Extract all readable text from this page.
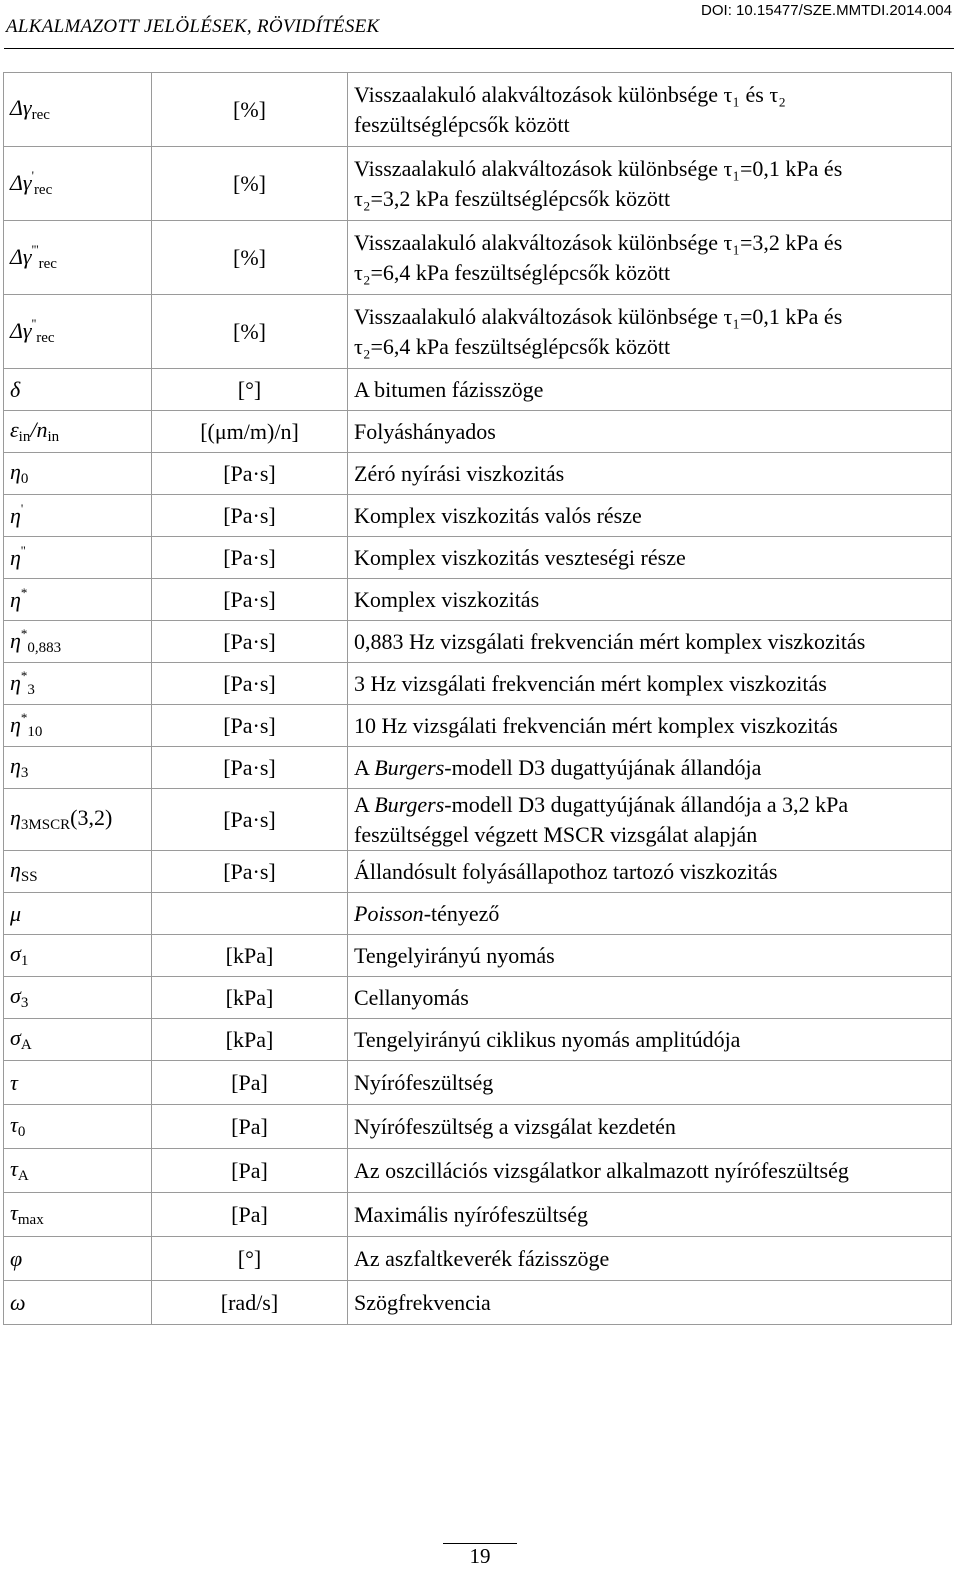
ALKALMAZOTT JELÖLÉSEK, RÖVIDÍTÉSEK
DOI: 10.15477/SZE.MMTDI.2014.004
$\Delta\gamma_{rec}$	[%]	Visszaalakuló alakváltozások különbsége τ₁ és τ₂
feszültséglépcsők között

$\Delta\gamma'_{rec}$	[%]	Visszaalakuló alakváltozások különbsége τ₁=0,1 kPa és
τ₂=3,2 kPa feszültséglépcsők között

$\Delta\gamma'''_{rec}$	[%]	Visszaalakuló alakváltozások különbsége τ₁=3,2 kPa és
τ₂=6,4 kPa feszültséglépcsők között

$\Delta\gamma''_{rec}$	[%]	Visszaalakuló alakváltozások különbsége τ₁=0,1 kPa és
τ₂=6,4 kPa feszültséglépcsők között

δ	[°]	A bitumen fázisszöge

$\varepsilon_{in}/n_{in}$	[(μm/m)/n]	Folyáshányados

$\eta_0$	[Pa·s]	Zéró nyírási viszkozitás

η'	[Pa·s]	Komplex viszkozitás valós része

η''	[Pa·s]	Komplex viszkozitás veszteségi része

η*	[Pa·s]	Komplex viszkozitás

$\eta^*_{0,883}$	[Pa·s]	0,883 Hz vizsgálati frekvencián mért komplex viszkozitás

$\eta^*_3$	[Pa·s]	3 Hz vizsgálati frekvencián mért komplex viszkozitás

$\eta^*_{10}$	[Pa·s]	10 Hz vizsgálati frekvencián mért komplex viszkozitás

$\eta_3$	[Pa·s]	A Burgers-modell D3 dugattyújának állandója

$\eta_{3MSCR}(3,2)$	[Pa·s]	A Burgers-modell D3 dugattyújának állandója a 3,2 kPa
feszültséggel végzett MSCR vizsgálat alapján

$\eta_{SS}$	[Pa·s]	Állandósult folyásállapothoz tartozó viszkozitás

μ		Poisson-tényező

$\sigma_1$	[kPa]	Tengelyirányú nyomás

$\sigma_3$	[kPa]	Cellanyomás

$\sigma_A$	[kPa]	Tengelyirányú ciklikus nyomás amplitúdója

τ	[Pa]	Nyírófeszültség

$\tau_0$	[Pa]	Nyírófeszültség a vizsgálat kezdetén

$\tau_A$	[Pa]	Az oszcillációs vizsgálatkor alkalmazott nyírófeszültség

$\tau_{max}$	[Pa]	Maximális nyírófeszültség

φ	[°]	Az aszfaltkeverék fázisszöge

ω	[rad/s]	Szögfrekvencia
19
